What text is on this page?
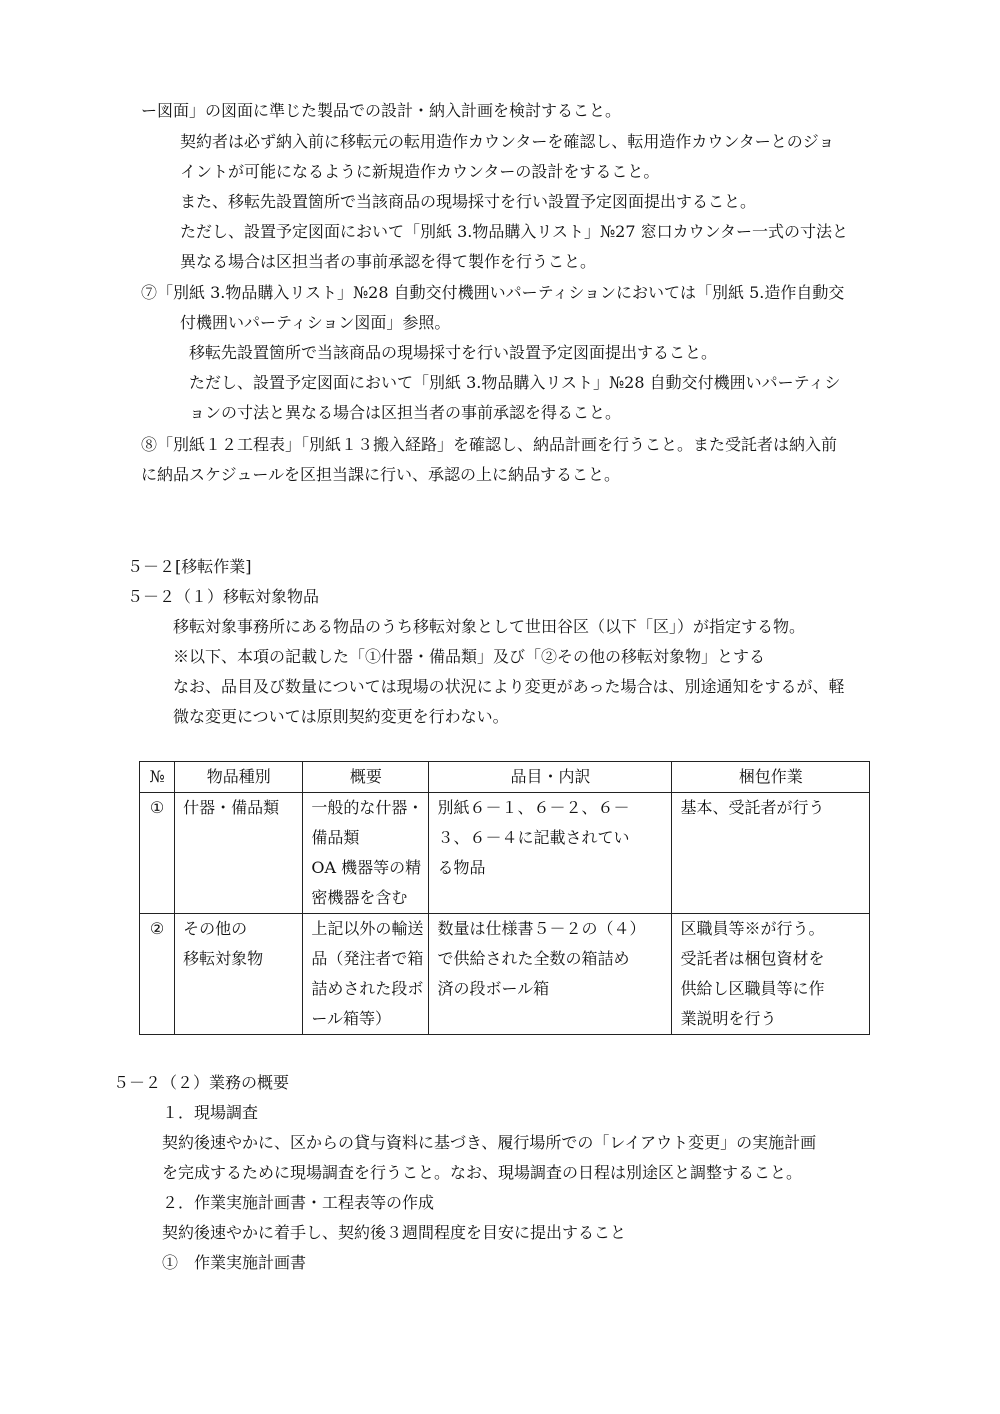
ー図面」の図面に準じた製品での設計・納入計画を検討すること。
契約者は必ず納入前に移転元の転用造作カウンターを確認し、転用造作カウンターとのジョ
イントが可能になるように新規造作カウンターの設計をすること。
また、移転先設置箇所で当該商品の現場採寸を行い設置予定図面提出すること。
ただし、設置予定図面において「別紙 3.物品購入リスト」№27 窓口カウンター一式の寸法と
異なる場合は区担当者の事前承認を得て製作を行うこと。
⑦「別紙 3.物品購入リスト」№28 自動交付機囲いパーティションにおいては「別紙 5.造作自動交
付機囲いパーティション図面」参照。
移転先設置箇所で当該商品の現場採寸を行い設置予定図面提出すること。
ただし、設置予定図面において「別紙 3.物品購入リスト」№28 自動交付機囲いパーティシ
ョンの寸法と異なる場合は区担当者の事前承認を得ること。
⑧「別紙１２工程表」「別紙１３搬入経路」を確認し、納品計画を行うこと。また受託者は納入前
に納品スケジュールを区担当課に行い、承認の上に納品すること。
５－２[移転作業]
５－２（１）移転対象物品
移転対象事務所にある物品のうち移転対象として世田谷区（以下「区」）が指定する物。
※以下、本項の記載した「①什器・備品類」及び「②その他の移転対象物」とする
なお、品目及び数量については現場の状況により変更があった場合は、別途通知をするが、軽
微な変更については原則契約変更を行わない。
№	物品種別	概要	品目・内訳	梱包作業
①	什器・備品類	一般的な什器・
備品類
OA 機器等の精
密機器を含む	別紙６－１、６－２、６－
３、６－４に記載されてい
る物品	基本、受託者が行う

②	その他の
移転対象物	上記以外の輸送
品（発注者で箱
詰めされた段ボ
ール箱等）	数量は仕様書５－２の（４）
で供給された全数の箱詰め
済の段ボール箱	区職員等※が行う。
受託者は梱包資材を
供給し区職員等に作
業説明を行う
５－２（２）業務の概要
１．現場調査
契約後速やかに、区からの貸与資料に基づき、履行場所での「レイアウト変更」の実施計画
を完成するために現場調査を行うこと。なお、現場調査の日程は別途区と調整すること。
２．作業実施計画書・工程表等の作成
契約後速やかに着手し、契約後３週間程度を目安に提出すること
①　作業実施計画書
